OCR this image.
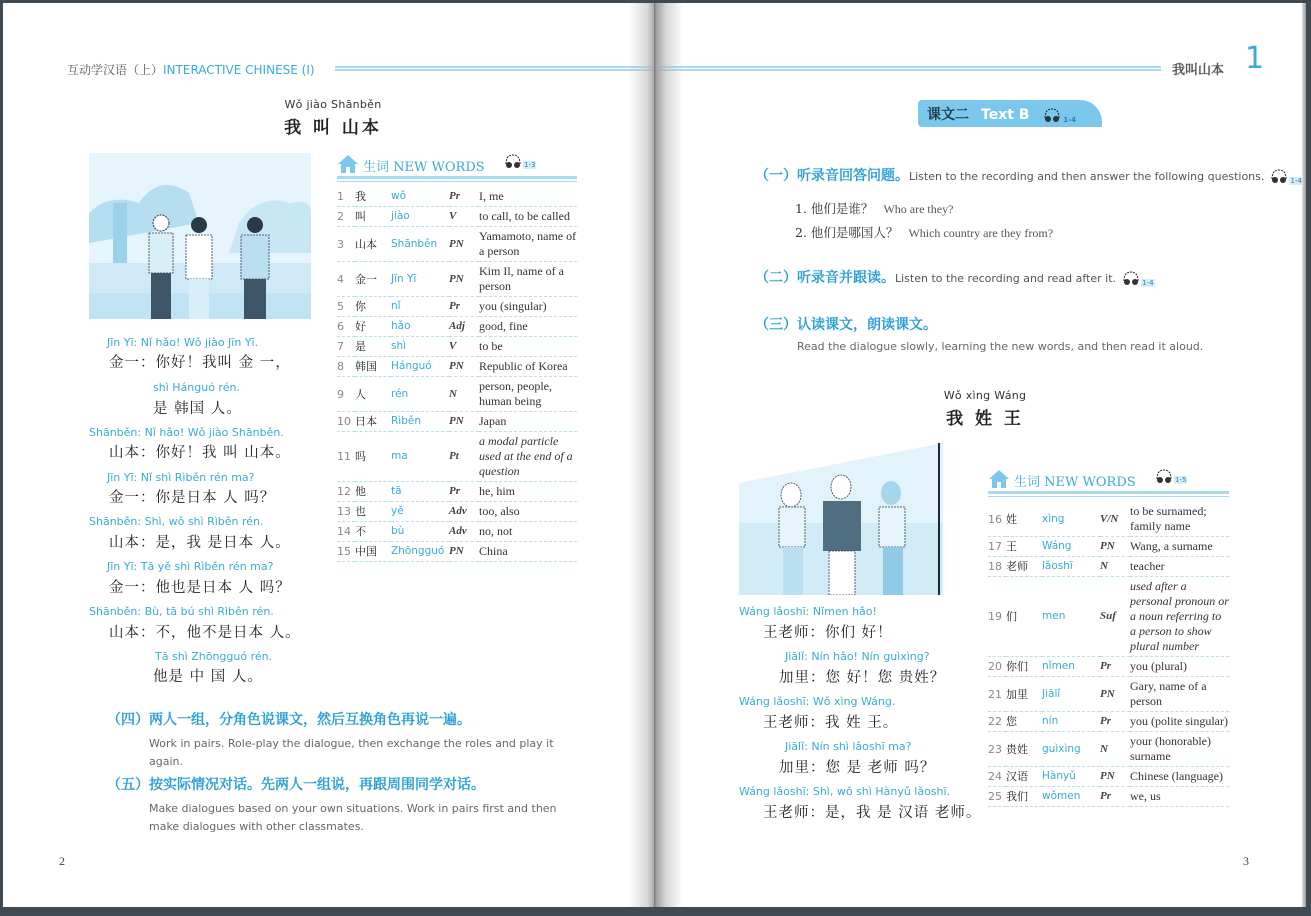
互动学汉语（上）INTERACTIVE CHINESE (Ⅰ)
Wǒ jiào Shānběn
我 叫 山本
生词 NEW WORDS	1-3
1	我	wǒ	Pr	I, me
2	叫	jiào	V	to call, to be called
3	山本	Shānběn	PN	Yamamoto, name of a person
4	金一	Jīn Yī	PN	Kim Il, name of a person
5	你	nǐ	Pr	you (singular)
6	好	hǎo	Adj	good, fine
7	是	shì	V	to be
8	韩国	Hánguó	PN	Republic of Korea
9	人	rén	N	person, people, human being
10	日本	Rìběn	PN	Japan
11	吗	ma	Pt	a modal particle used at the end of a question
12	他	tā	Pr	he, him
13	也	yě	Adv	too, also
14	不	bù	Adv	no, not
15	中国	Zhōngguó	PN	China
Jīn Yī: Nǐ hǎo! Wǒ jiào Jīn Yī.
金一：你好！我叫 金 一，
shì Hánguó rén.
是 韩国 人。
Shānběn: Nǐ hǎo! Wǒ jiào Shānběn.
山本：你好！我 叫 山本。
Jīn Yī: Nǐ shì Rìběn rén ma?
金一：你是日本 人 吗？
Shānběn: Shì, wǒ shì Rìběn rén.
山本：是，我 是日本 人。
Jīn Yī: Tā yě shì Rìběn rén ma?
金一：他也是日本 人 吗？
Shānběn: Bù, tā bú shì Rìběn rén.
山本：不，他不是日本 人。
Tā shì Zhōngguó rén.
他是 中 国 人。
（四）两人一组，分角色说课文，然后互换角色再说一遍。
Work in pairs. Role-play the dialogue, then exchange the roles and play it again.
（五）按实际情况对话。先两人一组说，再跟周围同学对话。
Make dialogues based on your own situations. Work in pairs first and then make dialogues with other classmates.
2
我叫山本 1
课文二 Text B	1-4
（一）听录音回答问题。Listen to the recording and then answer the following questions.	1-4
1. 他们是谁？ Who are they?
2. 他们是哪国人？ Which country are they from?
（二）听录音并跟读。Listen to the recording and read after it.	1-4
（三）认读课文，朗读课文。
Read the dialogue slowly, learning the new words, and then read it aloud.
Wǒ xìng Wáng
我 姓 王
生词 NEW WORDS	1-5
16	姓	xìng	V/N	to be surnamed; family name
17	王	Wáng	PN	Wang, a surname
18	老师	lǎoshī	N	teacher
19	们	men	Suf	used after a personal pronoun or a noun referring to a person to show plural number
20	你们	nǐmen	Pr	you (plural)
21	加里	Jiālǐ	PN	Gary, name of a person
22	您	nín	Pr	you (polite singular)
23	贵姓	guìxìng	N	your (honorable) surname
24	汉语	Hànyǔ	PN	Chinese (language)
25	我们	wǒmen	Pr	we, us
Wáng lǎoshī: Nǐmen hǎo!
王老师：你们 好！
Jiālǐ: Nín hǎo! Nín guìxìng?
加里：您 好！您 贵姓？
Wáng lǎoshī: Wǒ xìng Wáng.
王老师：我 姓 王。
Jiālǐ: Nín shì lǎoshī ma?
加里：您 是 老师 吗？
Wáng lǎoshī: Shì, wǒ shì Hànyǔ lǎoshī.
王老师：是，我 是 汉语 老师。
3
